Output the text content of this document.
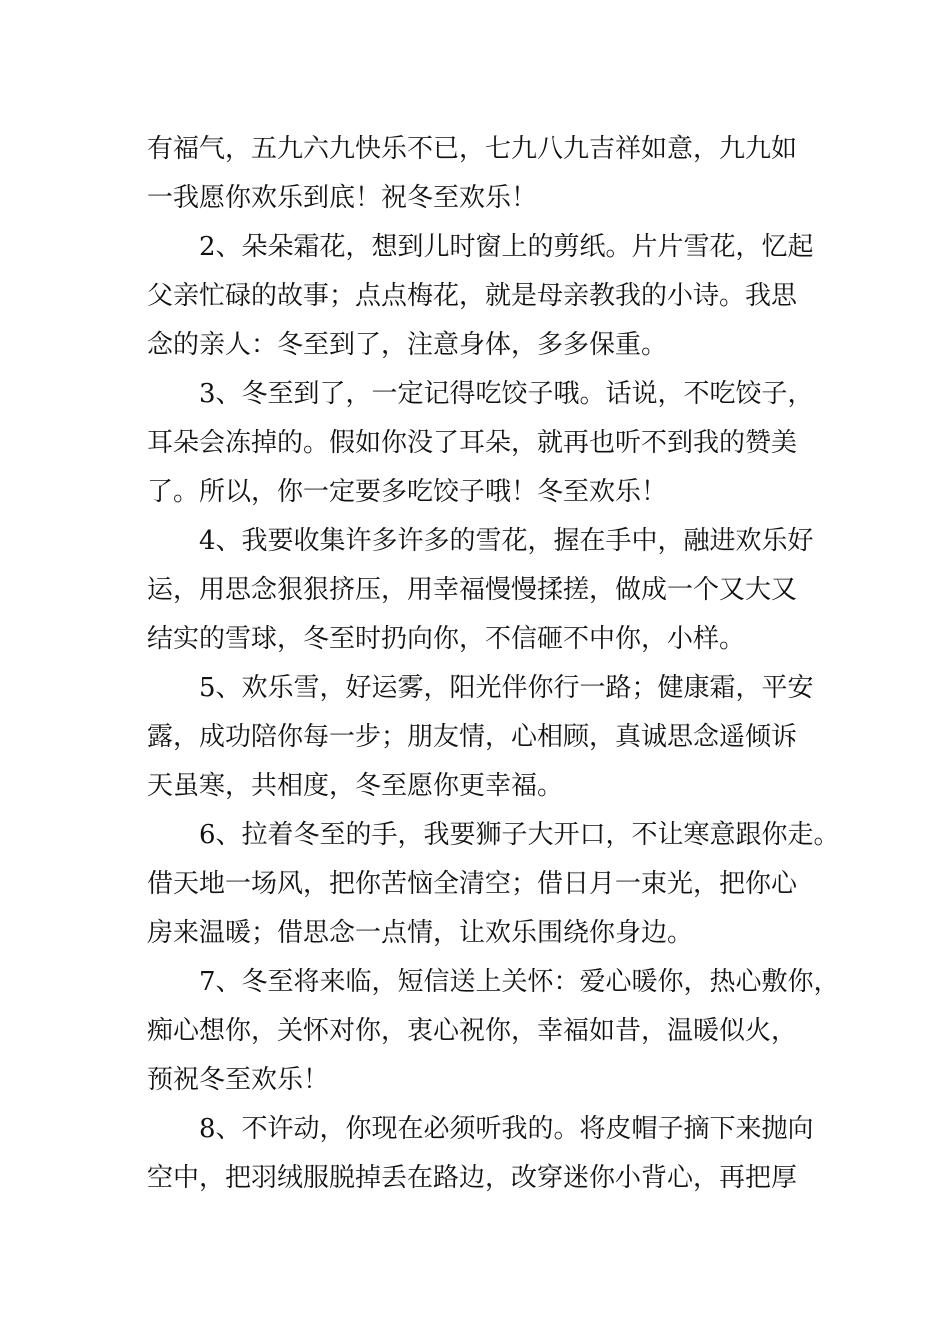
有福气，五九六九快乐不已，七九八九吉祥如意，九九如
一我愿你欢乐到底！祝冬至欢乐！
2、朵朵霜花，想到儿时窗上的剪纸。片片雪花，忆起
父亲忙碌的故事；点点梅花，就是母亲教我的小诗。我思
念的亲人：冬至到了，注意身体，多多保重。
3、冬至到了，一定记得吃饺子哦。话说，不吃饺子，
耳朵会冻掉的。假如你没了耳朵，就再也听不到我的赞美
了。所以，你一定要多吃饺子哦！冬至欢乐！
4、我要收集许多许多的雪花，握在手中，融进欢乐好
运，用思念狠狠挤压，用幸福慢慢揉搓，做成一个又大又
结实的雪球，冬至时扔向你，不信砸不中你，小样。
5、欢乐雪，好运雾，阳光伴你行一路；健康霜，平安
露，成功陪你每一步；朋友情，心相顾，真诚思念遥倾诉
天虽寒，共相度，冬至愿你更幸福。
6、拉着冬至的手，我要狮子大开口，不让寒意跟你走。
借天地一场风，把你苦恼全清空；借日月一束光，把你心
房来温暖；借思念一点情，让欢乐围绕你身边。
7、冬至将来临，短信送上关怀：爱心暖你，热心敷你，
痴心想你，关怀对你，衷心祝你，幸福如昔，温暖似火，
预祝冬至欢乐！
8、不许动，你现在必须听我的。将皮帽子摘下来抛向
空中，把羽绒服脱掉丢在路边，改穿迷你小背心，再把厚
